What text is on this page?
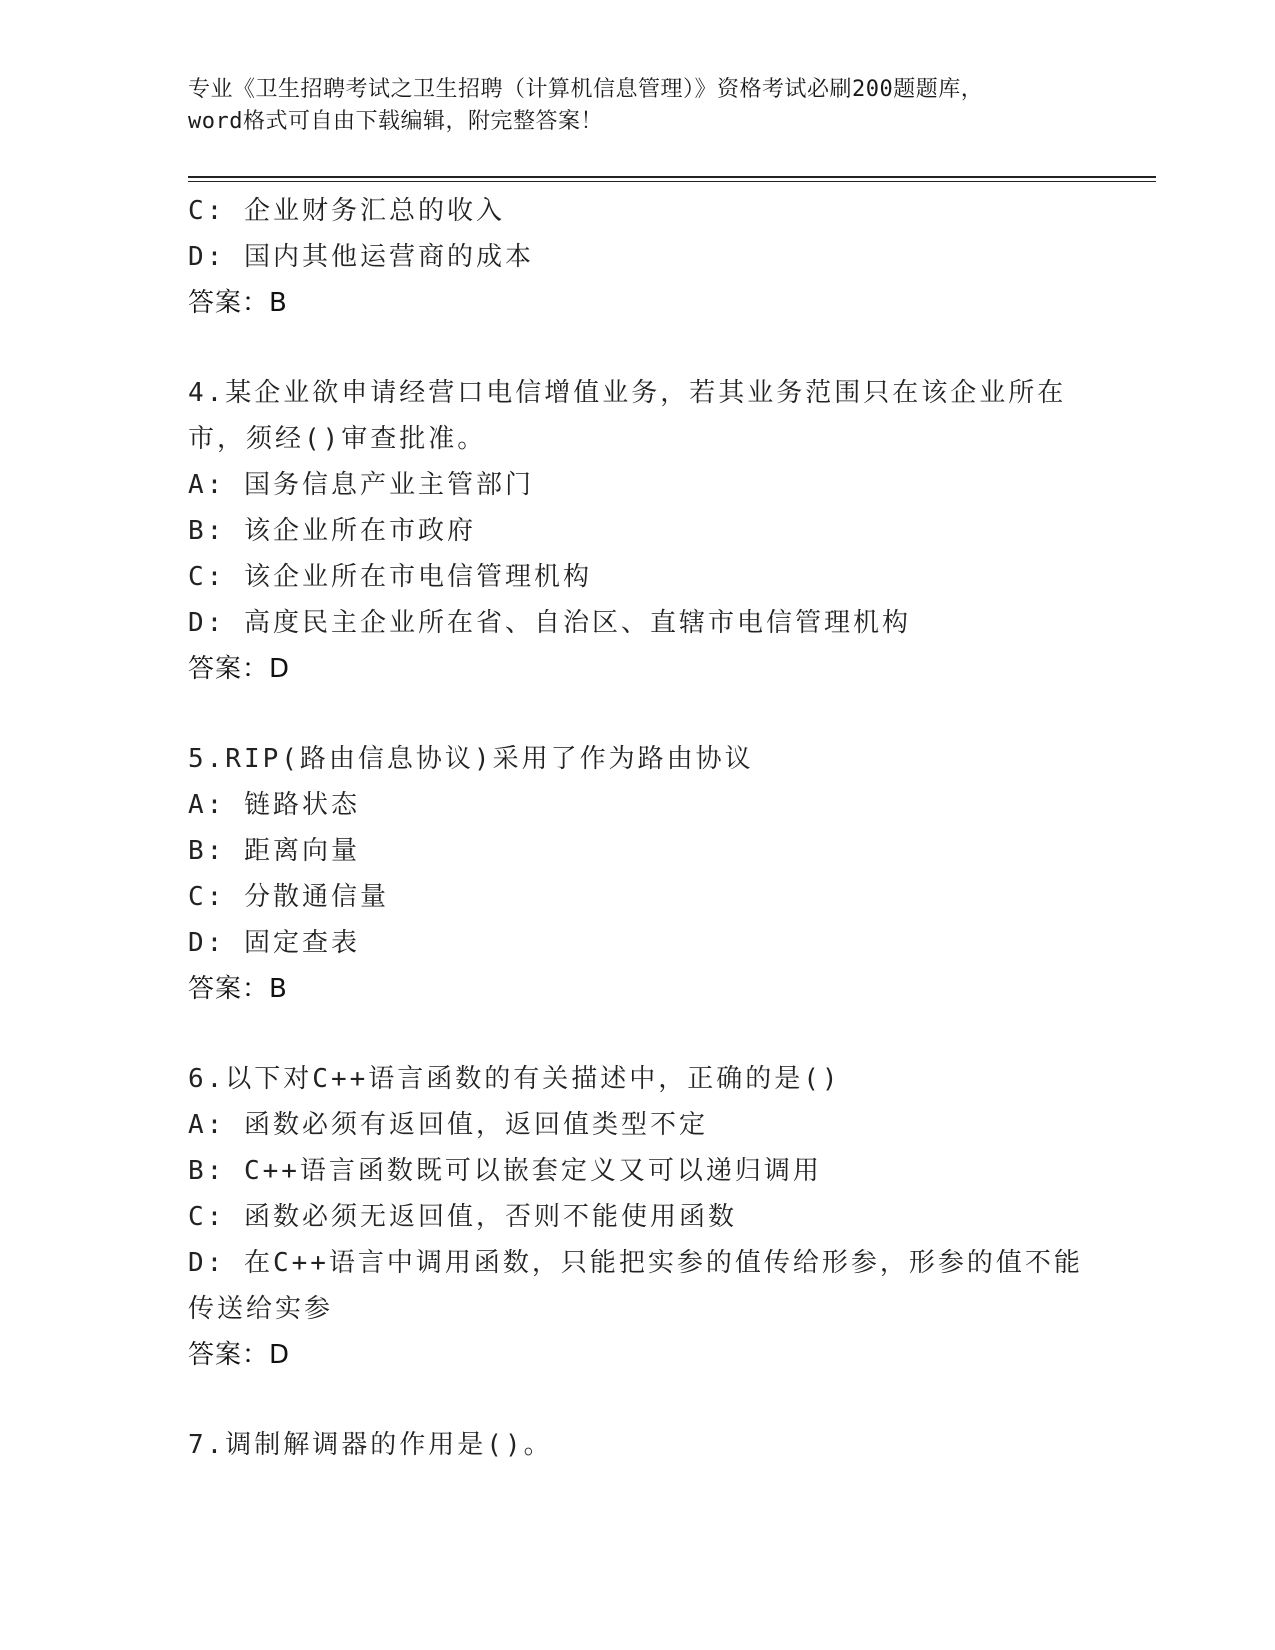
专业《卫生招聘考试之卫生招聘（计算机信息管理）》资格考试必刷200题题库，
word格式可自由下载编辑，附完整答案！
C: 企业财务汇总的收入
D: 国内其他运营商的成本
答案：B
4.某企业欲申请经营口电信增值业务，若其业务范围只在该企业所在
市，须经()审查批准。
A: 国务信息产业主管部门
B: 该企业所在市政府
C: 该企业所在市电信管理机构
D: 高度民主企业所在省、自治区、直辖市电信管理机构
答案：D
5.RIP(路由信息协议)采用了作为路由协议
A: 链路状态
B: 距离向量
C: 分散通信量
D: 固定查表
答案：B
6.以下对C++语言函数的有关描述中，正确的是()
A: 函数必须有返回值，返回值类型不定
B: C++语言函数既可以嵌套定义又可以递归调用
C: 函数必须无返回值，否则不能使用函数
D: 在C++语言中调用函数，只能把实参的值传给形参，形参的值不能
传送给实参
答案：D
7.调制解调器的作用是()。
